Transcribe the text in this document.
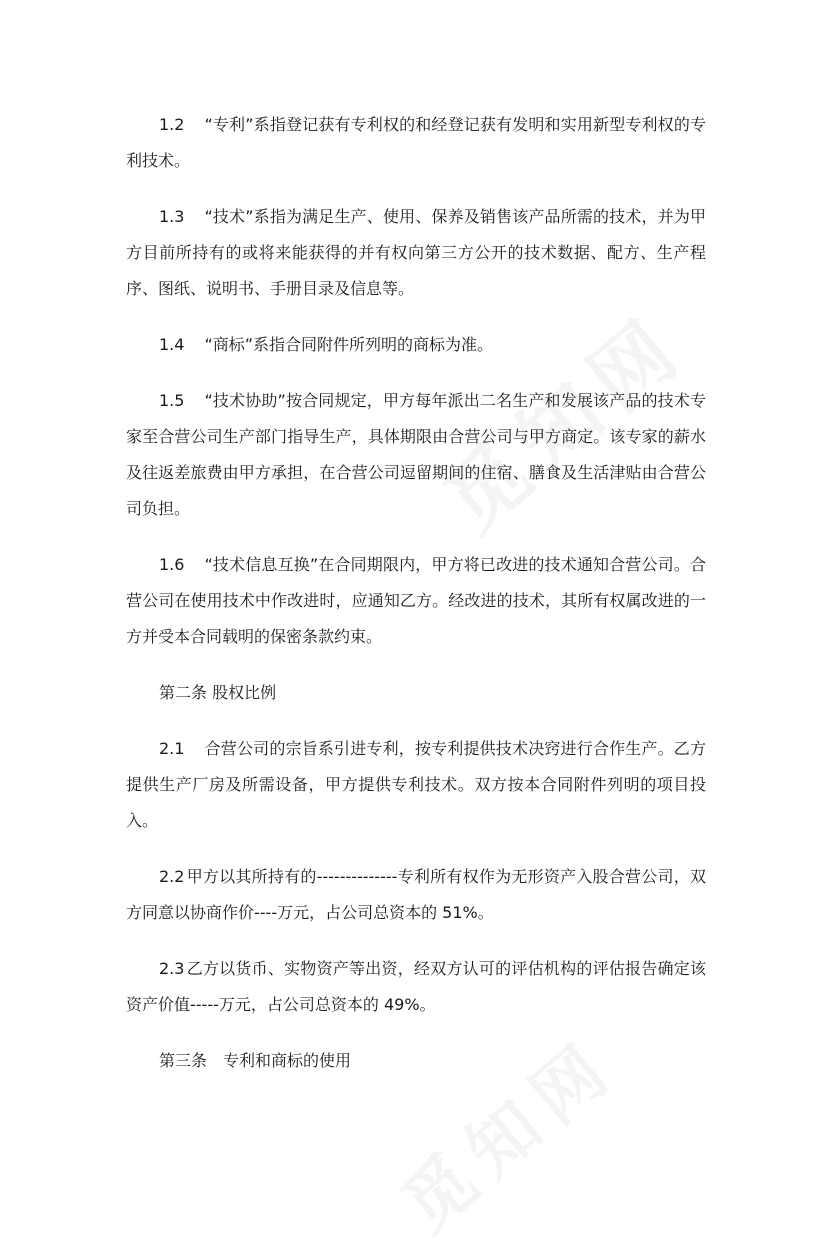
1.2 “专利”系指登记获有专利权的和经登记获有发明和实用新型专利权的专利技术。

1.3 “技术”系指为满足生产、使用、保养及销售该产品所需的技术，并为甲方目前所持有的或将来能获得的并有权向第三方公开的技术数据、配方、生产程序、图纸、说明书、手册目录及信息等。

1.4 “商标”系指合同附件所列明的商标为准。

1.5 “技术协助”按合同规定，甲方每年派出二名生产和发展该产品的技术专家至合营公司生产部门指导生产，具体期限由合营公司与甲方商定。该专家的薪水及往返差旅费由甲方承担，在合营公司逗留期间的住宿、膳食及生活津贴由合营公司负担。

1.6 “技术信息互换”在合同期限内，甲方将已改进的技术通知合营公司。合营公司在使用技术中作改进时，应通知乙方。经改进的技术，其所有权属改进的一方并受本合同载明的保密条款约束。

第二条 股权比例

2.1 合营公司的宗旨系引进专利，按专利提供技术决窍进行合作生产。乙方提供生产厂房及所需设备，甲方提供专利技术。双方按本合同附件列明的项目投入。

2.2 甲方以其所持有的--------------专利所有权作为无形资产入股合营公司，双方同意以协商作价----万元，占公司总资本的 51%。

2.3 乙方以货币、实物资产等出资，经双方认可的评估机构的评估报告确定该资产价值-----万元，占公司总资本的 49%。

第三条　专利和商标的使用
